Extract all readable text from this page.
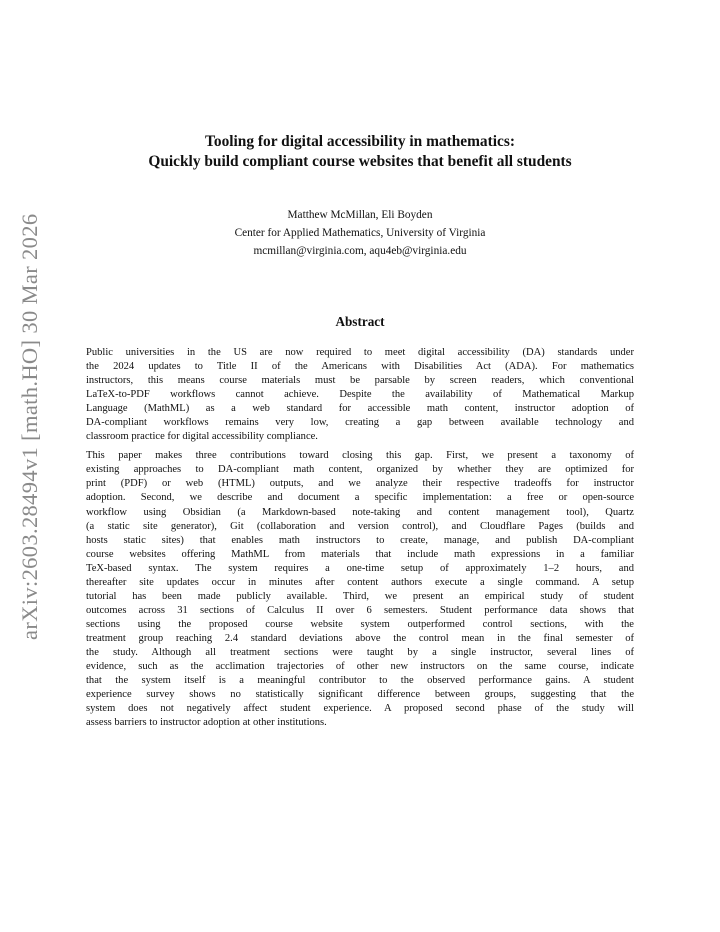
arXiv:2603.28494v1 [math.HO] 30 Mar 2026
Tooling for digital accessibility in mathematics:
Quickly build compliant course websites that benefit all students
Matthew McMillan, Eli Boyden
Center for Applied Mathematics, University of Virginia
mcmillan@virginia.com, aqu4eb@virginia.edu
Abstract
Public universities in the US are now required to meet digital accessibility (DA) standards under
the 2024 updates to Title II of the Americans with Disabilities Act (ADA). For mathematics
instructors, this means course materials must be parsable by screen readers, which conventional
LaTeX-to-PDF workflows cannot achieve. Despite the availability of Mathematical Markup
Language (MathML) as a web standard for accessible math content, instructor adoption of
DA-compliant workflows remains very low, creating a gap between available technology and
classroom practice for digital accessibility compliance.
This paper makes three contributions toward closing this gap. First, we present a taxonomy of
existing approaches to DA-compliant math content, organized by whether they are optimized for
print (PDF) or web (HTML) outputs, and we analyze their respective tradeoffs for instructor
adoption. Second, we describe and document a specific implementation: a free or open-source
workflow using Obsidian (a Markdown-based note-taking and content management tool), Quartz
(a static site generator), Git (collaboration and version control), and Cloudflare Pages (builds and
hosts static sites) that enables math instructors to create, manage, and publish DA-compliant
course websites offering MathML from materials that include math expressions in a familiar
TeX-based syntax. The system requires a one-time setup of approximately 1–2 hours, and
thereafter site updates occur in minutes after content authors execute a single command. A setup
tutorial has been made publicly available. Third, we present an empirical study of student
outcomes across 31 sections of Calculus II over 6 semesters. Student performance data shows that
sections using the proposed course website system outperformed control sections, with the
treatment group reaching 2.4 standard deviations above the control mean in the final semester of
the study. Although all treatment sections were taught by a single instructor, several lines of
evidence, such as the acclimation trajectories of other new instructors on the same course, indicate
that the system itself is a meaningful contributor to the observed performance gains. A student
experience survey shows no statistically significant difference between groups, suggesting that the
system does not negatively affect student experience. A proposed second phase of the study will
assess barriers to instructor adoption at other institutions.
